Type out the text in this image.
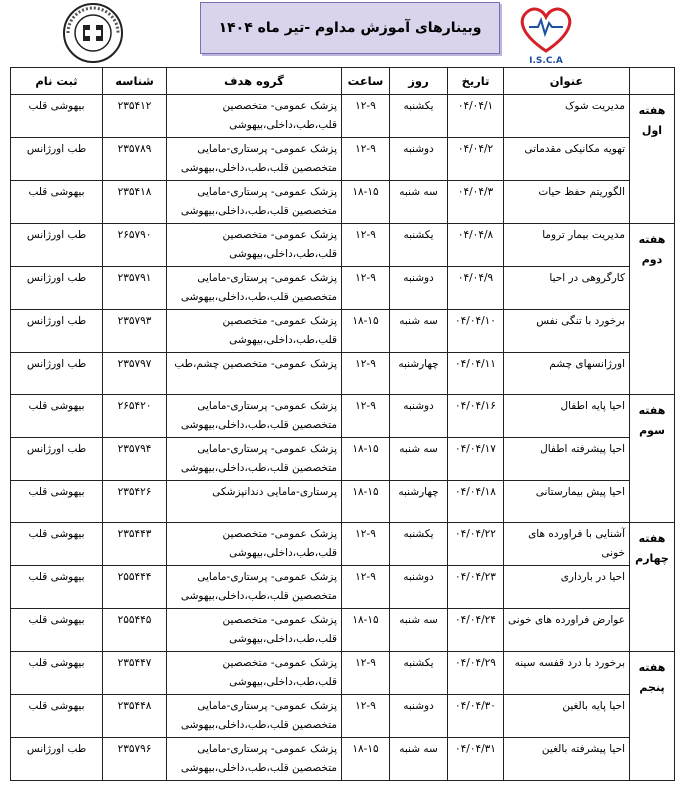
وبینارهای آموزش مداوم -تیر ماه ۱۴۰۴
I.S.C.A
	عنوان	تاریخ	روز	ساعت	گروه هدف	شناسه	ثبت نام
هفته اول	مدیریت شوک	۰۴/۰۴/۱	یکشنبه	۱۲-۹	پزشک عمومی- متخصصین قلب،طب،داخلی،بیهوشی	۲۳۵۴۱۲	بیهوشی قلب
	تهویه مکانیکی مقدماتی	۰۴/۰۴/۲	دوشنبه	۱۲-۹	پزشک عمومی- پرستاری-مامایی متخصصین قلب،طب،داخلی،بیهوشی	۲۳۵۷۸۹	طب اورژانس
	الگوریتم حفظ حیات	۰۴/۰۴/۳	سه شنبه	۱۸-۱۵	پزشک عمومی- پرستاری-مامایی متخصصین قلب،طب،داخلی،بیهوشی	۲۳۵۴۱۸	بیهوشی قلب
هفته دوم	مدیریت بیمار تروما	۰۴/۰۴/۸	یکشنبه	۱۲-۹	پزشک عمومی- متخصصین قلب،طب،داخلی،بیهوشی	۲۶۵۷۹۰	طب اورژانس
	کارگروهی در احیا	۰۴/۰۴/۹	دوشنبه	۱۲-۹	پزشک عمومی- پرستاری-مامایی متخصصین قلب،طب،داخلی،بیهوشی	۲۳۵۷۹۱	طب اورژانس
	برخورد با تنگی نفس	۰۴/۰۴/۱۰	سه شنبه	۱۸-۱۵	پزشک عمومی- متخصصین قلب،طب،داخلی،بیهوشی	۲۳۵۷۹۳	طب اورژانس
	اورژانسهای چشم	۰۴/۰۴/۱۱	چهارشنبه	۱۲-۹	پزشک عمومی- متخصصین چشم،طب	۲۳۵۷۹۷	طب اورژانس
هفته سوم	احیا پایه اطفال	۰۴/۰۴/۱۶	دوشنبه	۱۲-۹	پزشک عمومی- پرستاری-مامایی متخصصین قلب،طب،داخلی،بیهوشی	۲۶۵۴۲۰	بیهوشی قلب
	احیا پیشرفته اطفال	۰۴/۰۴/۱۷	سه شنبه	۱۸-۱۵	پزشک عمومی- پرستاری-مامایی متخصصین قلب،طب،داخلی،بیهوشی	۲۳۵۷۹۴	طب اورژانس
	احیا پیش بیمارستانی	۰۴/۰۴/۱۸	چهارشنبه	۱۸-۱۵	پرستاری-مامایی دندانپزشکی	۲۳۵۴۲۶	بیهوشی قلب
هفته چهارم	آشنایی با فراورده های خونی	۰۴/۰۴/۲۲	یکشنبه	۱۲-۹	پزشک عمومی- متخصصین قلب،طب،داخلی،بیهوشی	۲۳۵۴۴۳	بیهوشی قلب
	احیا در بارداری	۰۴/۰۴/۲۳	دوشنبه	۱۲-۹	پزشک عمومی- پرستاری-مامایی متخصصین قلب،طب،داخلی،بیهوشی	۲۵۵۴۴۴	بیهوشی قلب
	عوارض فراورده های خونی	۰۴/۰۴/۲۴	سه شنبه	۱۸-۱۵	پزشک عمومی- متخصصین قلب،طب،داخلی،بیهوشی	۲۵۵۴۴۵	بیهوشی قلب
هفته پنجم	برخورد با درد قفسه سینه	۰۴/۰۴/۲۹	یکشنبه	۱۲-۹	پزشک عمومی- متخصصین قلب،طب،داخلی،بیهوشی	۲۳۵۴۴۷	بیهوشی قلب
	احیا پایه بالغین	۰۴/۰۴/۳۰	دوشنبه	۱۲-۹	پزشک عمومی- پرستاری-مامایی متخصصین قلب،طب،داخلی،بیهوشی	۲۳۵۴۴۸	بیهوشی قلب
	احیا پیشرفته بالغین	۰۴/۰۴/۳۱	سه شنبه	۱۸-۱۵	پزشک عمومی- پرستاری-مامایی متخصصین قلب،طب،داخلی،بیهوشی	۲۳۵۷۹۶	طب اورژانس
